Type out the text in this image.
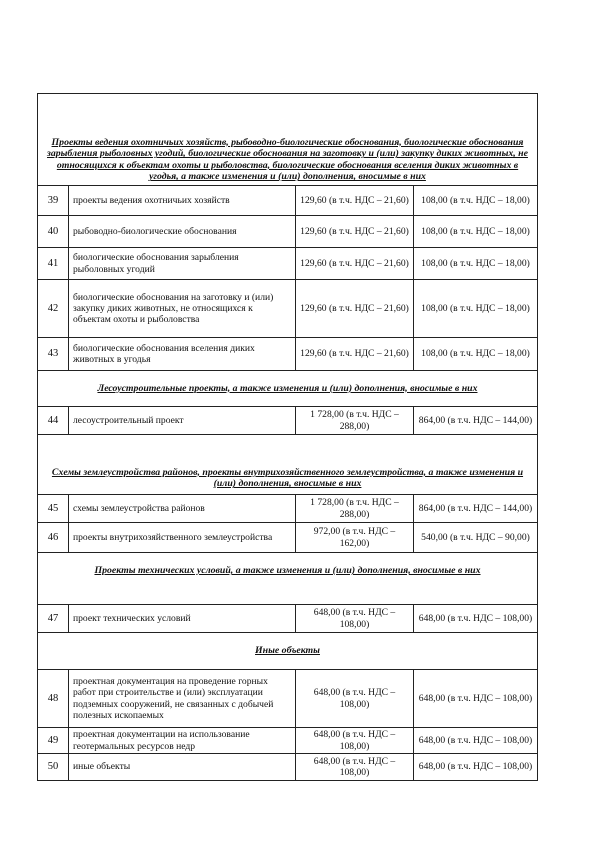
Проекты ведения охотничьих хозяйств, рыбоводно-биологические обоснования, биологические обоснования зарыбления рыболовных угодий, биологические обоснования на заготовку и (или) закупку диких животных, не относящихся к объектам охоты и рыболовства, биологические обоснования вселения диких животных в угодья, а также изменения и (или) дополнения, вносимые в них			
39	проекты ведения охотничьих хозяйств	129,60 (в т.ч. НДС – 21,60)	108,00 (в т.ч. НДС – 18,00)
40	рыбоводно-биологические обоснования	129,60 (в т.ч. НДС – 21,60)	108,00 (в т.ч. НДС – 18,00)
41	биологические обоснования зарыбления рыболовных угодий	129,60 (в т.ч. НДС – 21,60)	108,00 (в т.ч. НДС – 18,00)
42	биологические обоснования на заготовку и (или) закупку диких животных, не относящихся к объектам охоты и рыболовства	129,60 (в т.ч. НДС – 21,60)	108,00 (в т.ч. НДС – 18,00)
43	биологические обоснования вселения диких животных в угодья	129,60 (в т.ч. НДС – 21,60)	108,00 (в т.ч. НДС – 18,00)
Лесоустроительные проекты, а также изменения и (или) дополнения, вносимые в них			
44	лесоустроительный проект	1 728,00 (в т.ч. НДС – 288,00)	864,00 (в т.ч. НДС – 144,00)
Схемы землеустройства районов, проекты внутрихозяйственного землеустройства, а также изменения и (или) дополнения, вносимые в них			
45	схемы землеустройства районов	1 728,00 (в т.ч. НДС – 288,00)	864,00 (в т.ч. НДС – 144,00)
46	проекты внутрихозяйственного землеустройства	972,00 (в т.ч. НДС – 162,00)	540,00 (в т.ч. НДС – 90,00)
Проекты технических условий, а также изменения и (или) дополнения, вносимые в них			
47	проект технических условий	648,00 (в т.ч. НДС – 108,00)	648,00 (в т.ч. НДС – 108,00)
Иные объекты			
48	проектная документация на проведение горных работ при строительстве и (или) эксплуатации подземных сооружений, не связанных с добычей полезных ископаемых	648,00 (в т.ч. НДС – 108,00)	648,00 (в т.ч. НДС – 108,00)
49	проектная документации на использование геотермальных ресурсов недр	648,00 (в т.ч. НДС – 108,00)	648,00 (в т.ч. НДС – 108,00)
50	иные объекты	648,00 (в т.ч. НДС – 108,00)	648,00 (в т.ч. НДС – 108,00)
